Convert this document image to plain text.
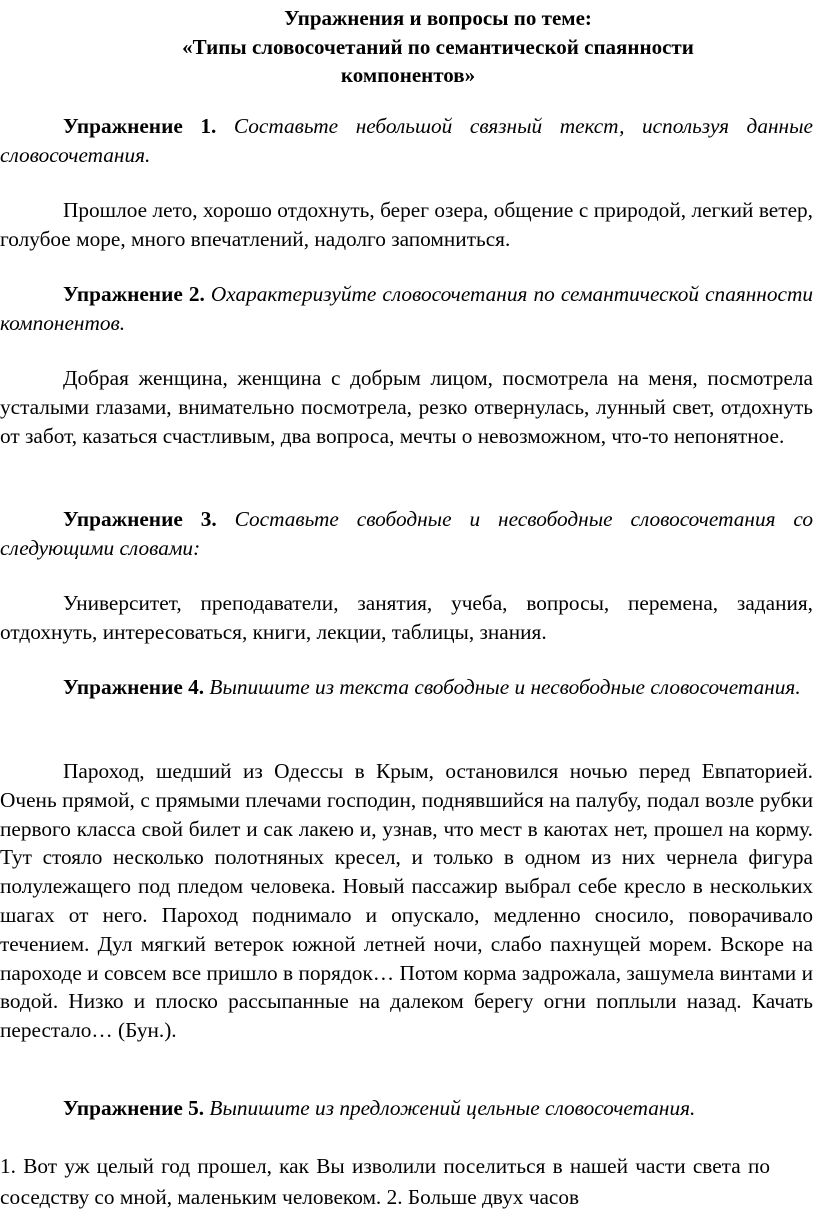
Упражнения и вопросы по теме:
«Типы словосочетаний по семантической спаянности
компонентов»
Упражнение 1. Составьте небольшой связный текст, используя данные словосочетания.
Прошлое лето, хорошо отдохнуть, берег озера, общение с природой, легкий ветер, голубое море, много впечатлений, надолго запомниться.
Упражнение 2. Охарактеризуйте словосочетания по семантической спаянности компонентов.
Добрая женщина, женщина с добрым лицом, посмотрела на меня, посмотрела усталыми глазами, внимательно посмотрела, резко отвернулась, лунный свет, отдохнуть от забот, казаться счастливым, два вопроса, мечты о невозможном, что-то непонятное.
Упражнение 3. Составьте свободные и несвободные словосочетания со следующими словами:
Университет, преподаватели, занятия, учеба, вопросы, перемена, задания, отдохнуть, интересоваться, книги, лекции, таблицы, знания.
Упражнение 4. Выпишите из текста свободные и несвободные словосочетания.
Пароход, шедший из Одессы в Крым, остановился ночью перед Евпаторией. Очень прямой, с прямыми плечами господин, поднявшийся на палубу, подал возле рубки первого класса свой билет и сак лакею и, узнав, что мест в каютах нет, прошел на корму. Тут стояло несколько полотняных кресел, и только в одном из них чернела фигура полулежащего под пледом человека. Новый пассажир выбрал себе кресло в нескольких шагах от него. Пароход поднимало и опускало, медленно сносило, поворачивало течением. Дул мягкий ветерок южной летней ночи, слабо пахнущей морем. Вскоре на пароходе и совсем все пришло в порядок… Потом корма задрожала, зашумела винтами и водой. Низко и плоско рассыпанные на далеком берегу огни поплыли назад. Качать перестало… (Бун.).
Упражнение 5. Выпишите из предложений цельные словосочетания.
1. Вот уж целый год прошел, как Вы изволили поселиться в нашей части света по соседству со мной, маленьким человеком. 2. Больше двух часов
